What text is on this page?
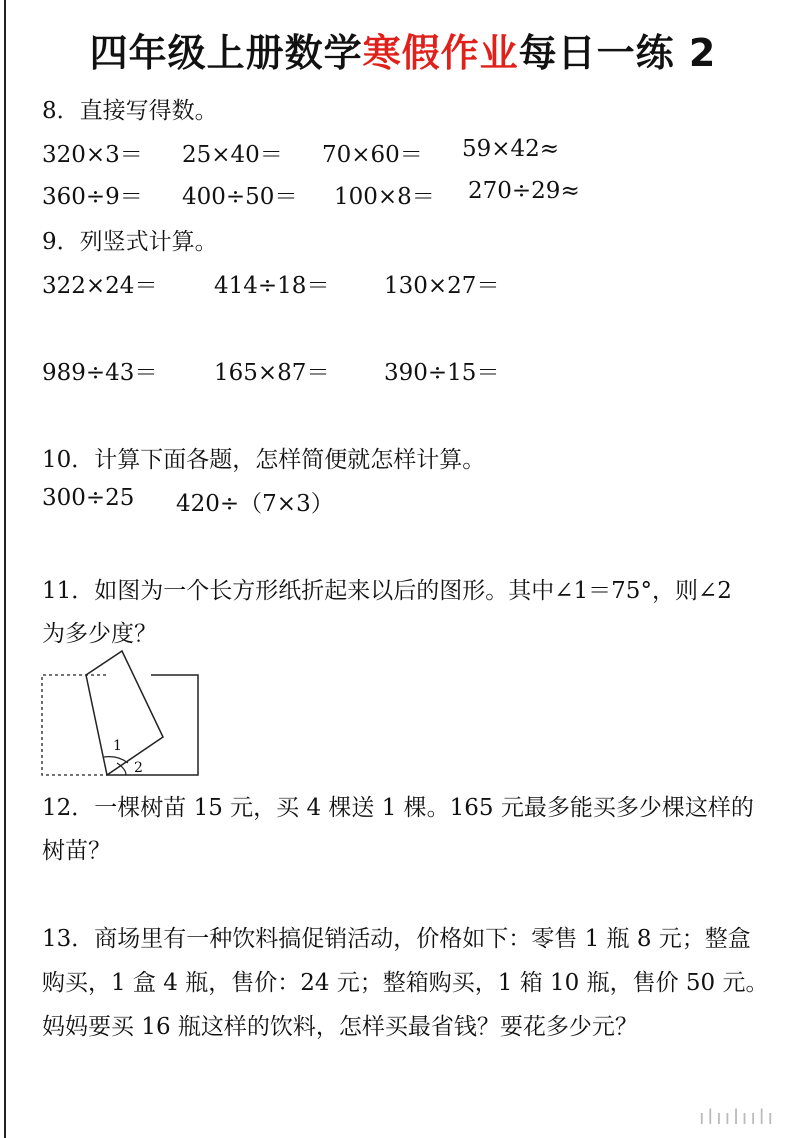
四年级上册数学寒假作业每日一练 2
8．直接写得数。
320×3＝ 25×40＝ 70×60＝ 59×42≈
360÷9＝ 400÷50＝ 100×8＝ 270÷29≈
9．列竖式计算。
322×24＝ 414÷18＝ 130×27＝
989÷43＝ 165×87＝ 390÷15＝
10．计算下面各题，怎样简便就怎样计算。
300÷25 420÷（7×3）
11．如图为一个长方形纸折起来以后的图形。其中∠1＝75°，则∠2
为多少度？
1
2
12．一棵树苗 15 元，买 4 棵送 1 棵。165 元最多能买多少棵这样的
树苗？
13．商场里有一种饮料搞促销活动，价格如下：零售 1 瓶 8 元；整盒
购买，1 盒 4 瓶，售价：24 元；整箱购买，1 箱 10 瓶，售价 50 元。
妈妈要买 16 瓶这样的饮料，怎样买最省钱？要花多少元？
ılıılıılı
